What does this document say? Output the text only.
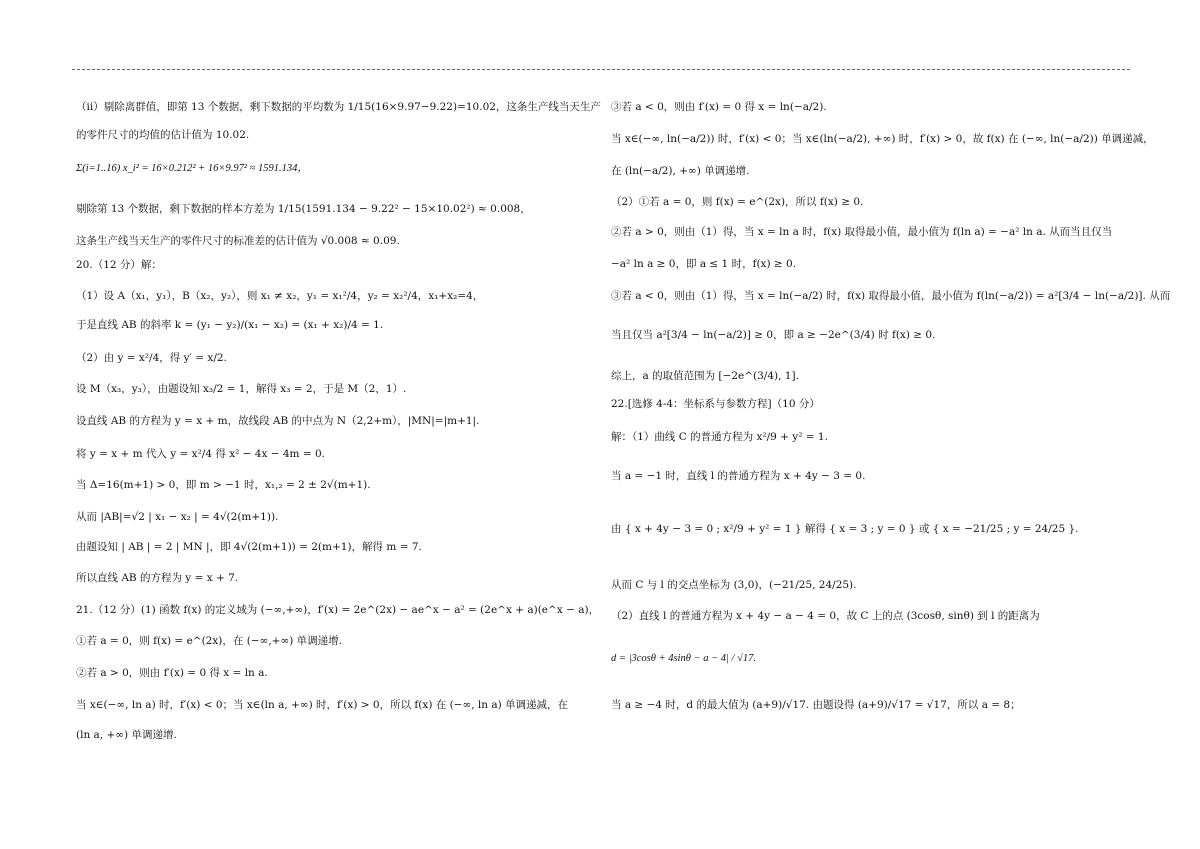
（ii）剔除离群值，即第 13 个数据，剩下数据的平均数为 1/15(16×9.97−9.22)=10.02，这条生产线当天生产
的零件尺寸的均值的估计值为 10.02.
Σ(i=1..16) x_i² = 16×0.212² + 16×9.97² ≈ 1591.134，
剔除第 13 个数据，剩下数据的样本方差为 1/15(1591.134 − 9.22² − 15×10.02²) ≈ 0.008，
这条生产线当天生产的零件尺寸的标准差的估计值为 √0.008 ≈ 0.09.
20.（12 分）解：
（1）设 A（x₁，y₁），B（x₂，y₂），则 x₁ ≠ x₂，y₁ = x₁²/4，y₂ = x₂²/4，x₁+x₂=4，
于是直线 AB 的斜率 k = (y₁ − y₂)/(x₁ − x₂) = (x₁ + x₂)/4 = 1.
（2）由 y = x²/4，得 y′ = x/2.
设 M（x₃，y₃），由题设知 x₃/2 = 1，解得 x₃ = 2，于是 M（2，1）.
设直线 AB 的方程为 y = x + m，故线段 AB 的中点为 N（2,2+m），|MN|=|m+1|.
将 y = x + m 代入 y = x²/4 得 x² − 4x − 4m = 0.
当 Δ=16(m+1) > 0，即 m > −1 时，x₁,₂ = 2 ± 2√(m+1).
从而 |AB|=√2 | x₁ − x₂ | = 4√(2(m+1)).
由题设知 | AB | = 2 | MN |，即 4√(2(m+1)) = 2(m+1)，解得 m = 7.
所以直线 AB 的方程为 y = x + 7.
21.（12 分）(1) 函数 f(x) 的定义域为 (−∞,+∞)，f′(x) = 2e^(2x) − ae^x − a² = (2e^x + a)(e^x − a)，
①若 a = 0，则 f(x) = e^(2x)，在 (−∞,+∞) 单调递增.
②若 a > 0，则由 f′(x) = 0 得 x = ln a.
当 x∈(−∞, ln a) 时，f′(x) < 0；当 x∈(ln a, +∞) 时，f′(x) > 0，所以 f(x) 在 (−∞, ln a) 单调递减，在
(ln a, +∞) 单调递增.
③若 a < 0，则由 f′(x) = 0 得 x = ln(−a/2).
当 x∈(−∞, ln(−a/2)) 时，f′(x) < 0；当 x∈(ln(−a/2), +∞) 时，f′(x) > 0，故 f(x) 在 (−∞, ln(−a/2)) 单调递减，
在 (ln(−a/2), +∞) 单调递增.
（2）①若 a = 0，则 f(x) = e^(2x)，所以 f(x) ≥ 0.
②若 a > 0，则由（1）得，当 x = ln a 时，f(x) 取得最小值，最小值为 f(ln a) = −a² ln a. 从而当且仅当
−a² ln a ≥ 0，即 a ≤ 1 时，f(x) ≥ 0.
③若 a < 0，则由（1）得，当 x = ln(−a/2) 时，f(x) 取得最小值，最小值为 f(ln(−a/2)) = a²[3/4 − ln(−a/2)]. 从而
当且仅当 a²[3/4 − ln(−a/2)] ≥ 0，即 a ≥ −2e^(3/4) 时 f(x) ≥ 0.
综上，a 的取值范围为 [−2e^(3/4), 1].
22.[选修 4-4：坐标系与参数方程]（10 分）
解：（1）曲线 C 的普通方程为 x²/9 + y² = 1.
当 a = −1 时，直线 l 的普通方程为 x + 4y − 3 = 0.
由 { x + 4y − 3 = 0 ; x²/9 + y² = 1 } 解得 { x = 3 ; y = 0 } 或 { x = −21/25 ; y = 24/25 }.
从而 C 与 l 的交点坐标为 (3,0)，(−21/25, 24/25).
（2）直线 l 的普通方程为 x + 4y − a − 4 = 0，故 C 上的点 (3cosθ, sinθ) 到 l 的距离为
d = |3cosθ + 4sinθ − a − 4| / √17.
当 a ≥ −4 时，d 的最大值为 (a+9)/√17. 由题设得 (a+9)/√17 = √17，所以 a = 8；
